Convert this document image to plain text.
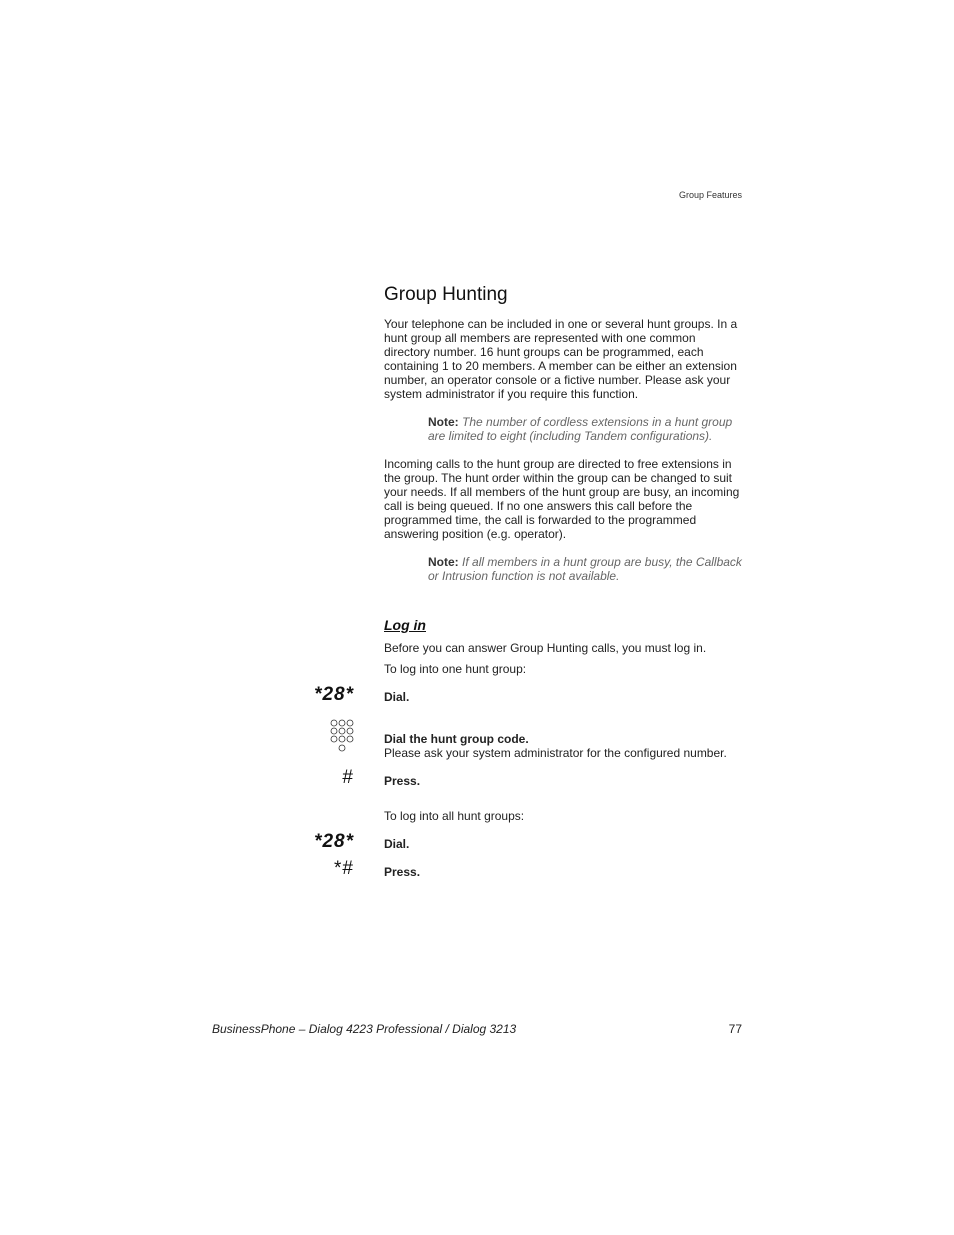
Group Features
Group Hunting

Your telephone can be included in one or several hunt groups. In a hunt group all members are represented with one common directory number. 16 hunt groups can be programmed, each containing 1 to 20 members. A member can be either an extension number, an operator console or a fictive number. Please ask your system administrator if you require this function.

Note: The number of cordless extensions in a hunt group are limited to eight (including Tandem configurations).

Incoming calls to the hunt group are directed to free extensions in the group. The hunt order within the group can be changed to suit your needs. If all members of the hunt group are busy, an incoming call is being queued. If no one answers this call before the programmed time, the call is forwarded to the programmed answering position (e.g. operator).

Note: If all members in a hunt group are busy, the Callback or Intrusion function is not available.

Log in
Before you can answer Group Hunting calls, you must log in.
To log into one hunt group:
*28*	Dial.
Dial the hunt group code.
Please ask your system administrator for the configured number.
#	Press.
To log into all hunt groups:
*28*	Dial.
*#	Press.
BusinessPhone – Dialog 4223 Professional / Dialog 3213	77
